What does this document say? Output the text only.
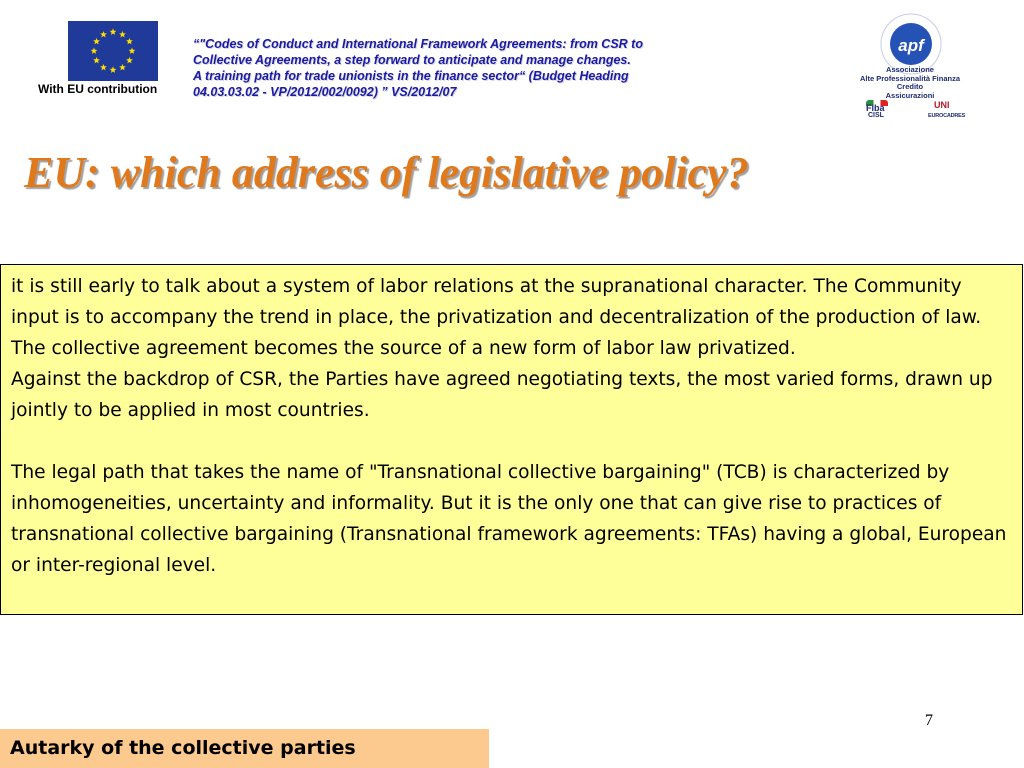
With EU contribution
“"Codes of Conduct and International Framework Agreements: from CSR to
Collective Agreements, a step forward to anticipate and manage changes.
A training path for trade unionists in the finance sector“ (Budget Heading
04.03.03.02 - VP/2012/002/0092) ” VS/2012/07
apf
Associazione
Alte Professionalità Finanza
Credito
Assicurazioni
Fiba
CISL
UNI
EUROCADRES
EU: which address of legislative policy?

it is still early to talk about a system of labor relations at the supranational character. The Community input is to accompany the trend in place, the privatization and decentralization of the production of law. The collective agreement becomes the source of a new form of labor law privatized.

Against the backdrop of CSR, the Parties have agreed negotiating texts, the most varied forms, drawn up jointly to be applied in most countries.

The legal path that takes the name of "Transnational collective bargaining" (TCB) is characterized by inhomogeneities, uncertainty and informality. But it is the only one that can give rise to practices of transnational collective bargaining (Transnational framework agreements: TFAs) having a global, European or inter-regional level.

7
Autarky of the collective parties
